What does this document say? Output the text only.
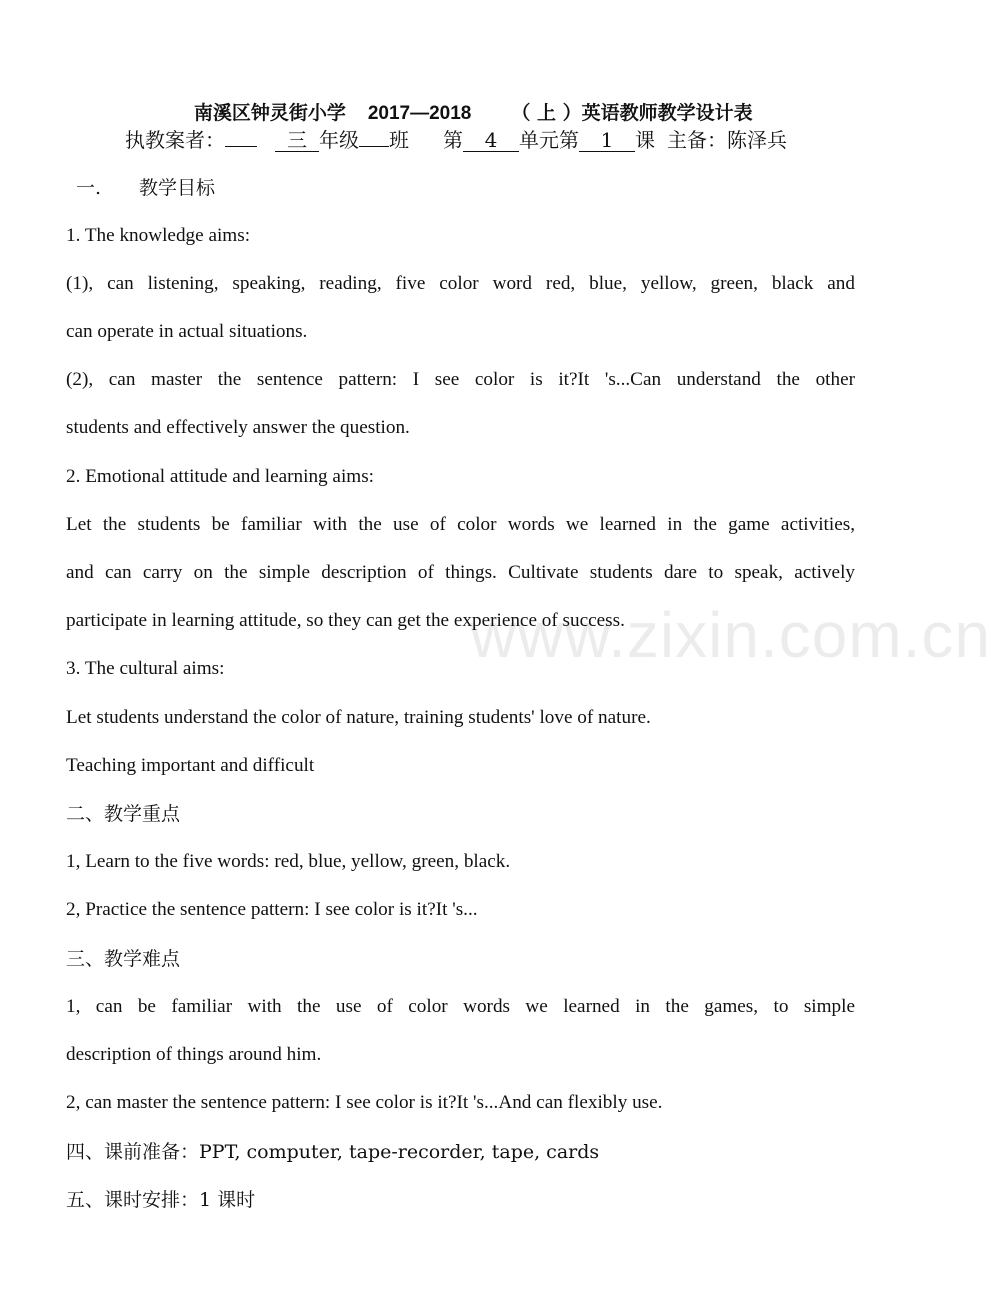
南溪区钟灵街小学 2017—2018 （ 上 ）英语教师教学设计表

执教案者：	三 年级 班 第 4 单元第 1 课 主备：陈泽兵
一.　　教学目标
1. The knowledge aims:
(1), can listening, speaking, reading, five color word red, blue, yellow, green, black and
can operate in actual situations.
(2), can master the sentence pattern: I see color is it?It 's...Can understand the other
students and effectively answer the question.
2. Emotional attitude and learning aims:
Let the students be familiar with the use of color words we learned in the game activities,
and can carry on the simple description of things. Cultivate students dare to speak, actively
participate in learning attitude, so they can get the experience of success.
3. The cultural aims:
Let students understand the color of nature, training students' love of nature.
Teaching important and difficult
二、教学重点
1, Learn to the five words: red, blue, yellow, green, black.
2, Practice the sentence pattern: I see color is it?It 's...
三、教学难点
1, can be familiar with the use of color words we learned in the games, to simple
description of things around him.
2, can master the sentence pattern: I see color is it?It 's...And can flexibly use.
四、课前准备：PPT, computer, tape-recorder, tape, cards
五、课时安排：1 课时
www.zixin.com.cn
